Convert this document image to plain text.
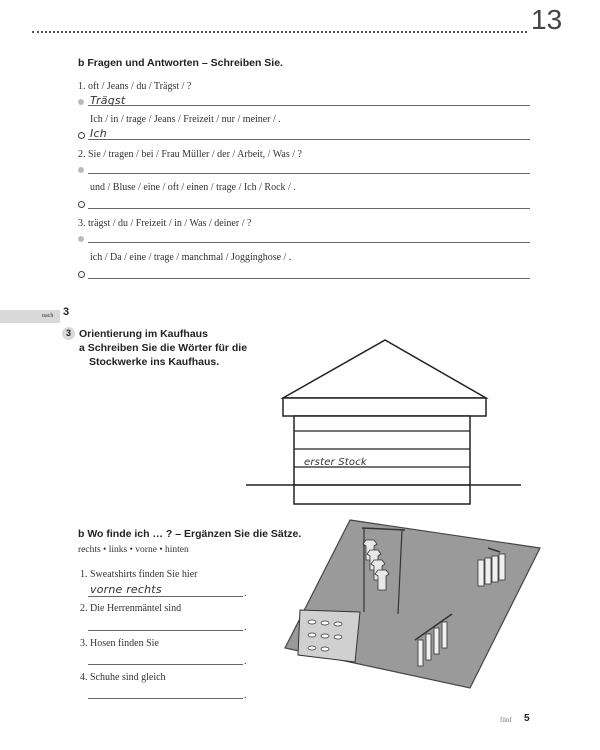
13
b Fragen und Antworten – Schreiben Sie.
1. oft / Jeans / du / Trägst / ?
Trägst
Ich / in / trage / Jeans / Freizeit / nur / meiner / .
Ich
2. Sie / tragen / bei / Frau Müller / der / Arbeit, / Was / ?
und / Bluse / eine / oft / einen / trage / Ich / Rock / .
3. trägst / du / Freizeit / in / Was / deiner / ?
ich / Da / eine / trage / manchmal / Jogginghose / .
nach 3
3 Orientierung im Kaufhaus
a Schreiben Sie die Wörter für die
Stockwerke ins Kaufhaus.
erster Stock
b Wo finde ich … ? – Ergänzen Sie die Sätze.
rechts • links • vorne • hinten
1. Sweatshirts finden Sie hier
vorne rechts	.
2. Die Herrenmäntel sind
.
3. Hosen finden Sie
.
4. Schuhe sind gleich
.
fünf 5
